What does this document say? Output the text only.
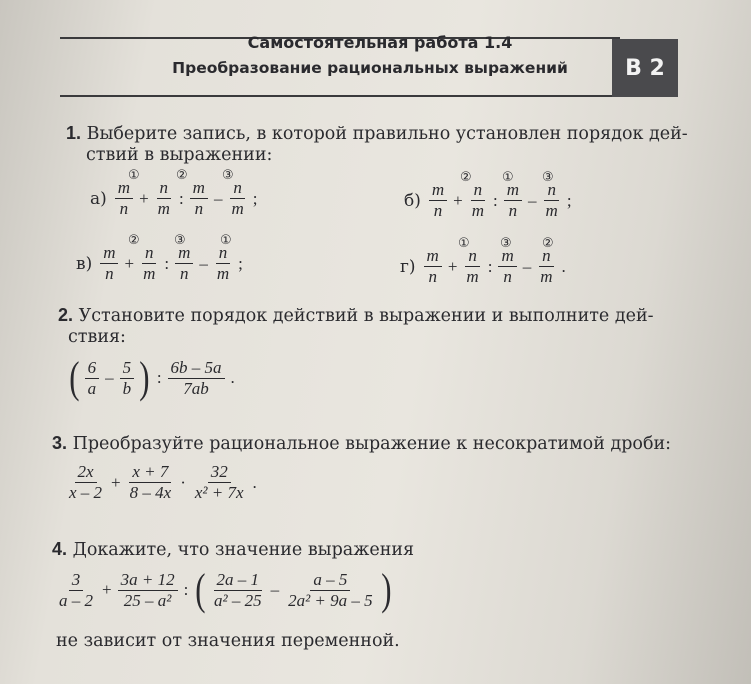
Самостоятельная работа 1.4
Преобразование рациональных выражений	В 2
1. Выберите запись, в которой правильно установлен порядок дей-
ствий в выражении:
$а) \frac{m}{n} + \frac{n}{m}$ : $\frac{m}{n} - \frac{n}{m}$ ;
①	②	③
$б) \frac{m}{n} + \frac{n}{m}$ : $\frac{m}{n} - \frac{n}{m}$ ;
② ① ③
$в) \frac{m}{n} + \frac{n}{m}$ : $\frac{m}{n} - \frac{n}{m}$ ;
②	③	①
$г) \frac{m}{n} + \frac{n}{m}$ : $\frac{m}{n} - \frac{n}{m}$ .
① ③ ②
2. Установите порядок действий в выражении и выполните дей-
ствия:
( $\frac{6}{a} - \frac{5}{b}$ ) : $\frac{6b - 5a}{7ab}$ .
3. Преобразуйте рациональное выражение к несократимой дроби:
$\frac{2x}{x - 2} + \frac{x + 7}{8 - 4x} \cdot \frac{32}{\text{x² + 7x}}$ .
4. Докажите, что значение выражения
$\frac{3}{a - 2} + \frac{3a + 12}{\text{25 – a²}}$ : ( $\frac{2a - 1}{\text{a² – 25}} - \frac{a - 5}{\text{2a² + 9a – 5}}$ )
не зависит от значения переменной.
